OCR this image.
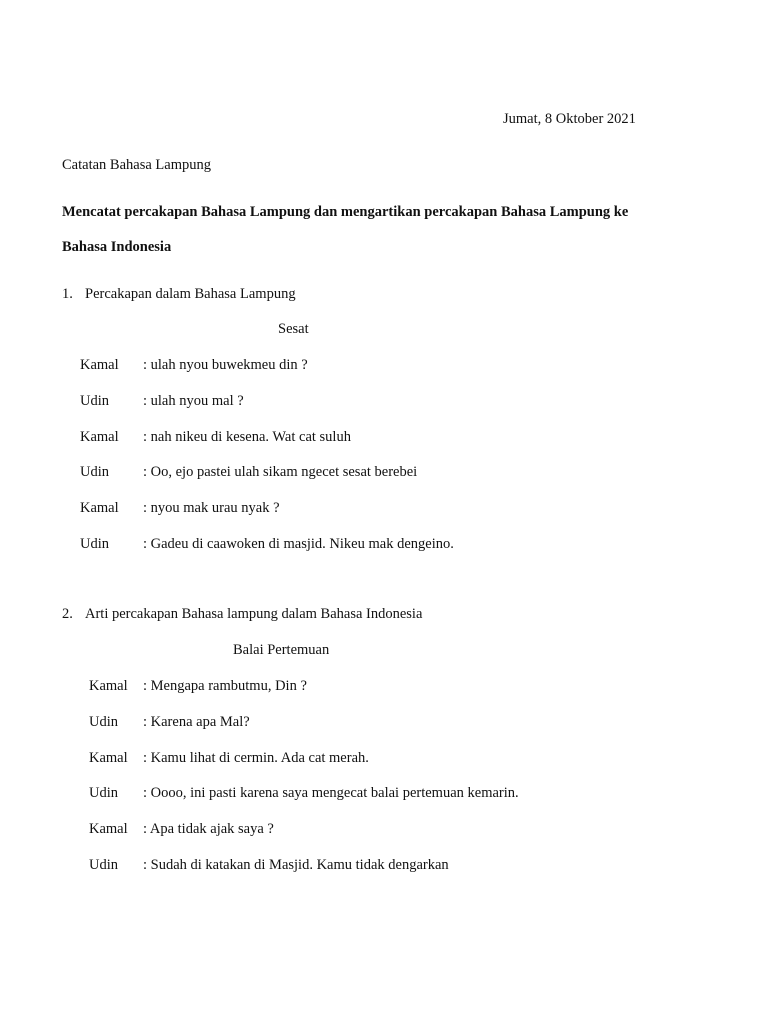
Jumat, 8 Oktober 2021
Catatan Bahasa Lampung
Mencatat percakapan Bahasa Lampung dan mengartikan percakapan Bahasa Lampung ke
Bahasa Indonesia
1. Percakapan dalam Bahasa Lampung
Sesat
Kamal : ulah nyou buwekmeu din ?
Udin : ulah nyou mal ?
Kamal : nah nikeu di kesena. Wat cat suluh
Udin : Oo, ejo pastei ulah sikam ngecet sesat berebei
Kamal : nyou mak urau nyak ?
Udin : Gadeu di caawoken di masjid. Nikeu mak dengeino.
2. Arti percakapan Bahasa lampung dalam Bahasa Indonesia
Balai Pertemuan
Kamal : Mengapa rambutmu, Din ?
Udin : Karena apa Mal?
Kamal : Kamu lihat di cermin. Ada cat merah.
Udin : Oooo, ini pasti karena saya mengecat balai pertemuan kemarin.
Kamal : Apa tidak ajak saya ?
Udin : Sudah di katakan di Masjid. Kamu tidak dengarkan
